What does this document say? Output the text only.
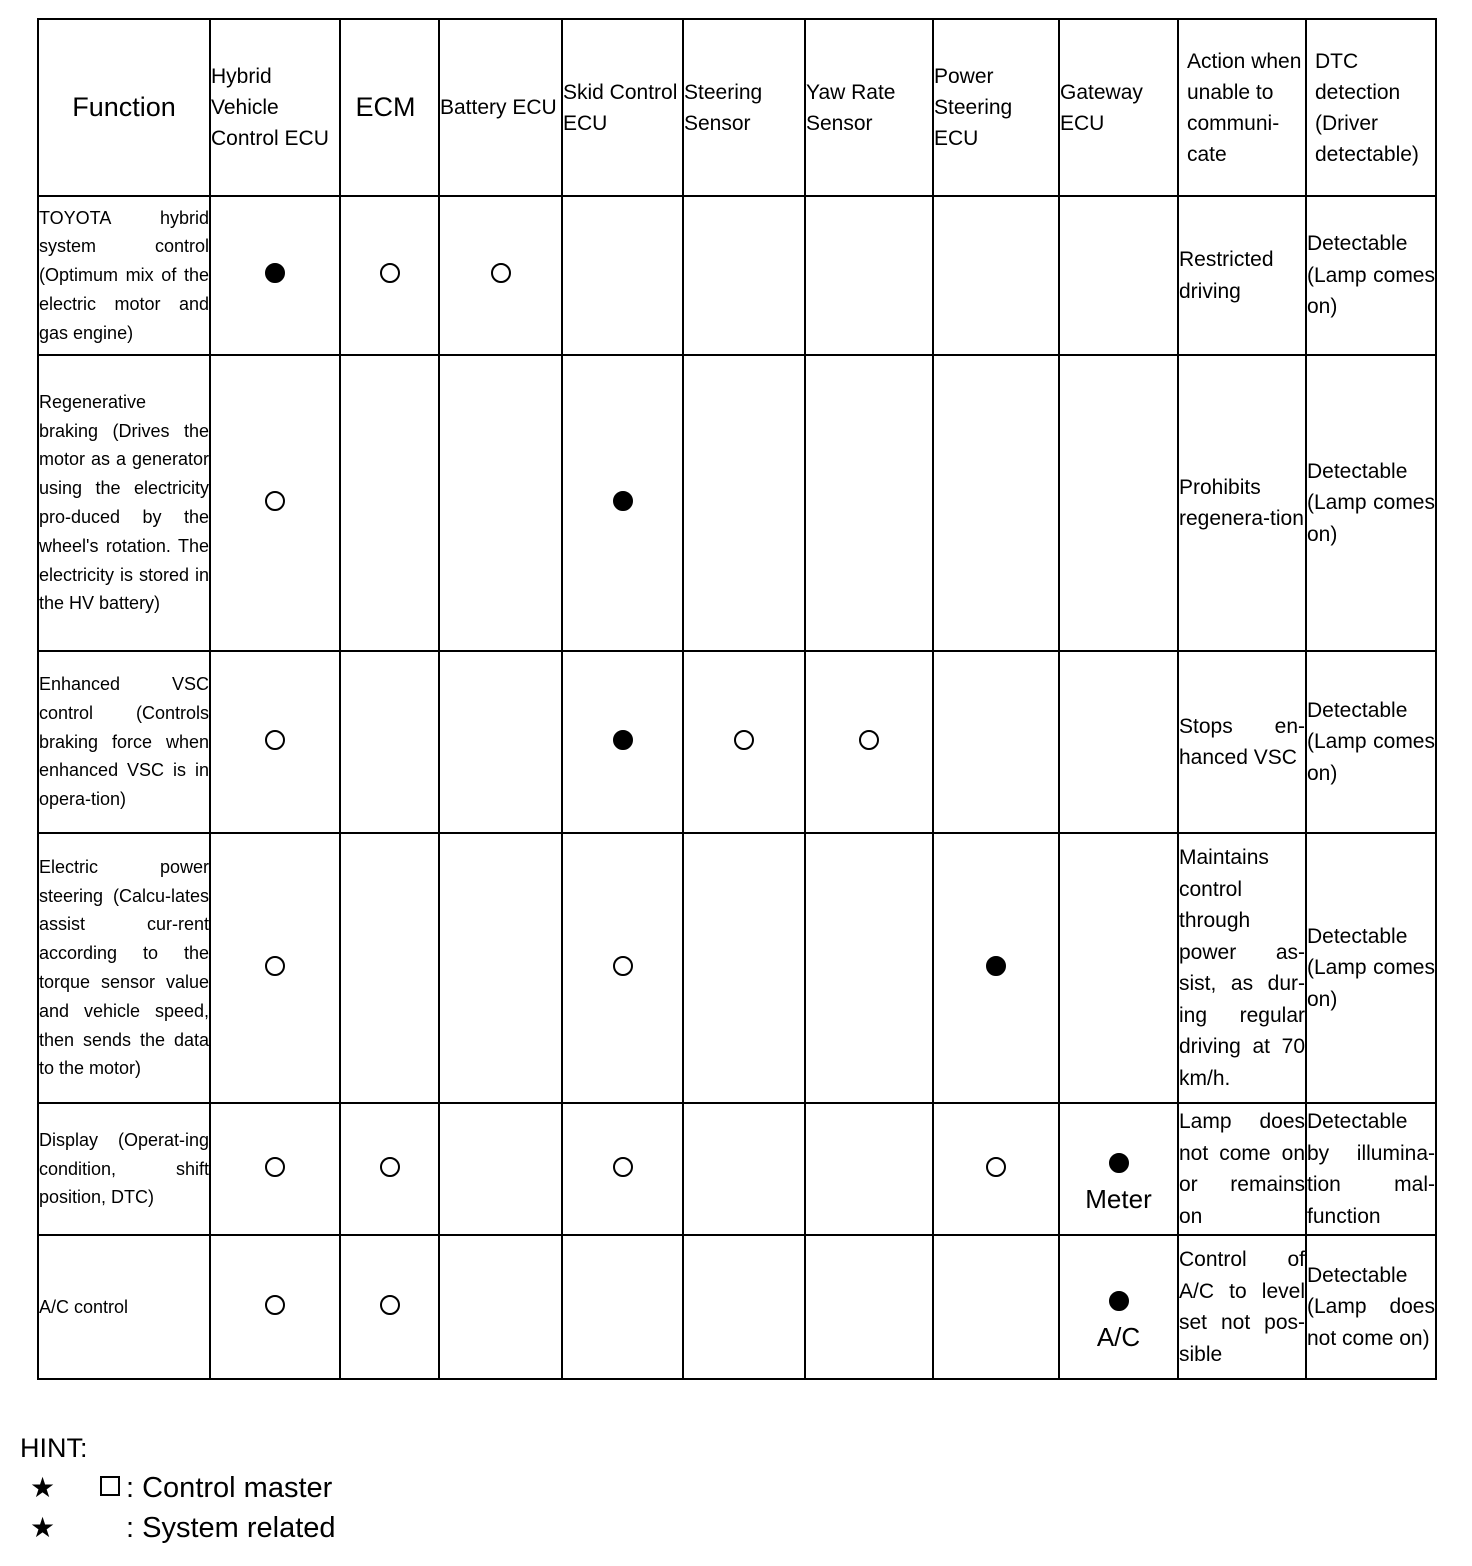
Function	Hybrid Vehicle Control ECU	ECM	Battery ECU	Skid Control ECU	Steering Sensor	Yaw Rate Sensor	Power Steering ECU	Gateway ECU	Action when unable to communi-cate	DTC detection (Driver detectable)
TOYOTA hybrid system control (Optimum mix of the electric motor and gas engine)									Restricted driving	Detectable (Lamp comes on)
Regenerative braking (Drives the motor as a generator using the electricity pro-duced by the wheel's rotation. The electricity is stored in the HV battery)									Prohibits regenera-tion	Detectable (Lamp comes on)
Enhanced VSC control (Controls braking force when enhanced VSC is in opera-tion)									Stops en-hanced VSC	Detectable (Lamp comes on)
Electric power steering (Calcu-lates assist cur-rent according to the torque sensor value and vehicle speed, then sends the data to the motor)									Maintains control through power as-sist, as dur-ing regular driving at 70 km/h.	Detectable (Lamp comes on)
Display (Operat-ing condition, shift position, DTC)								Meter	Lamp does not come on or remains on	Detectable by illumina-tion mal-function
A/C control								A/C	Control of A/C to level set not pos-sible	Detectable (Lamp does not come on)
HINT:
★ : Control master
★ : System related
